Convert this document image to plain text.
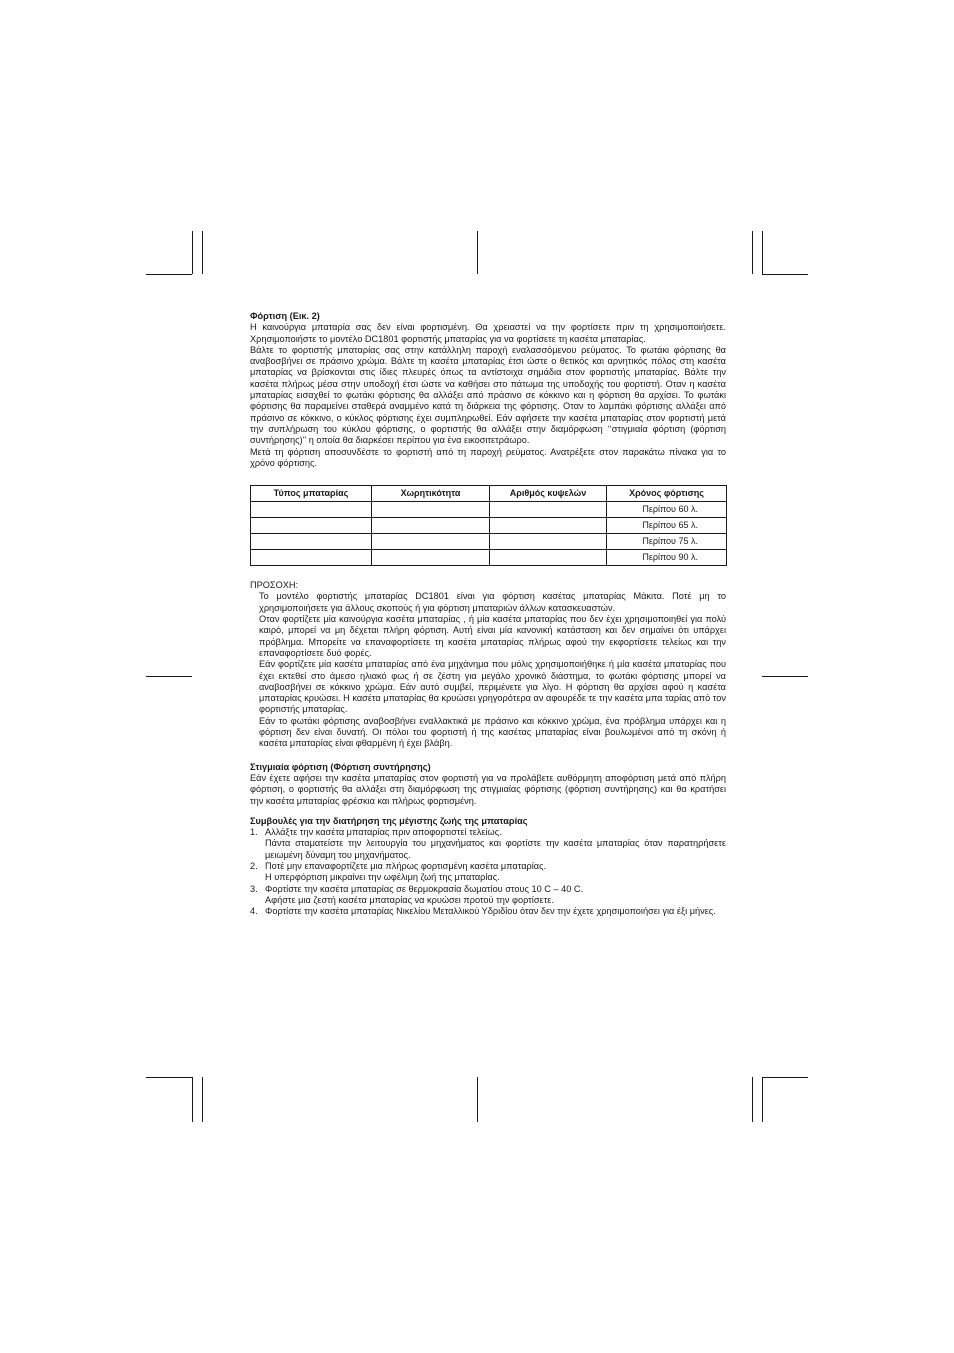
Φόρτιση (Εικ. 2)

Η καινούργια μπαταρία σας δεν είναι φορτισμένη. Θα χρειαστεί να την φορτίσετε πριν τη χρησιμοποιήσετε. Χρησιμοποιήστε το μοντέλο DC1801 φορτιστής μπαταρίας για να φορτίσετε τη κασέτα μπαταρίας.

Βάλτε το φορτιστής μπαταρίας σας στην κατάλληλη παροχή εναλασσόμενου ρεύματος. Το φωτάκι φόρτισης θα αναβοσβήνει σε πράσινο χρώμα. Βάλτε τη κασέτα μπαταρίας έτσι ώστε ο θετικός και αρνητικός πόλος στη κασέτα μπαταρίας να βρίσκονται στις ίδιες πλευρές όπως τα αντίστοιχα σημάδια στον φορτιστής μπαταρίας. Βάλτε την κασέτα πλήρως μέσα στην υποδοχή έτσι ώστε να καθήσει στο πάτωμα της υποδοχής του φορτιστή. Οταν η κασέτα μπαταρίας εισαχθεί το φωτάκι φόρτισης θα αλλάξει από πράσινο σε κόκκινο και η φόρτιση θα αρχίσει. Το φωτάκι φόρτισης θα παραμείνει σταθερά αναμμένο κατά τη διάρκεια της φόρτισης. Οταν το λαμπάκι φόρτισης αλλάξει από πράσινο σε κόκκινο, ο κύκλος φόρτισης έχει συμπληρωθεί. Εάν αφήσετε την κασέτα μπαταρίας στον φορτιστή μετά την συπλήρωση του κύκλου φόρτισης, ο φορτιστής θα αλλάξει στην διαμόρφωση ‘‘στιγμιαία φόρτιση (φόρτιση συντήρησης)’’ η οποία θα διαρκέσει περίπου για ένα εικοσιτετράωρο.

Μετά τη φόρτιση αποσυνδέστε το φορτιστή από τη παροχή ρεύματος. Ανατρέξετε στον παρακάτω πίνακα για το χρόνο φόρτισης.

Τύπος μπαταρίας	Χωρητικότητα	Αριθμός κυψελών	Χρόνος φόρτισης
			Περίπου 60 λ.
			Περίπου 65 λ.
			Περίπου 75 λ.
			Περίπου 90 λ.

ΠΡΟΣΟΧΗ:

Το μοντέλο φορτιστής μπαταρίας DC1801 είναι για φόρτιση κασέτας μπαταρίας Μάκιτα. Ποτέ μη το χρησιμοποιήσετε για άλλους σκοπούς ή για φόρτιση μπαταριών άλλων κατασκευαστών.

Οταν φορτίζετε μία καινούργια κασέτα μπαταρίας , ή μία κασέτα μπαταρίας που δεν έχει χρησιμοποιηθεί για πολύ καιρό, μπορεί να μη δέχεται πλήρη φόρτιση. Αυτή είναι μία κανονική κατάσταση και δεν σημαίνει ότι υπάρχει πρόβλημα. Μπορείτε να επαναφορτίσετε τη κασέτα μπαταρίας πλήρως αφού την εκφορτίσετε τελείως και την επαναφορτίσετε δυό φορές.

Εάν φορτίζετε μία κασέτα μπαταρίας από ένα μηχάνημα που μόλις χρησιμοποιήθηκε ή μία κασέτα μπαταρίας που έχει εκτεθεί στο άμεσο ηλιακό φως ή σε ζέστη για μεγάλο χρονικό διάστημα, το φωτάκι φόρτισης μπορεί να αναβοσβήνει σε κόκκινο χρώμα. Εάν αυτό συμβεί, περιμένετε για λίγο. Η φόρτιση θα αρχίσει αφού η κασέτα μπαταρίας κρυώσει. Η κασέτα μπαταρίας θα κρυώσει γρηγορότερα αν αφουρέδε τε την κασέτα μπα ταρίας από τον φορτιστής μπαταρίας.

Εάν το φωτάκι φόρτισης αναβοσβήνει εναλλακτικά με πράσινο και κόκκινο χρώμα, ένα πρόβλημα υπάρχει και η φόρτιση δεν είναι δυνατή. Οι πόλοι του φορτιστή ή της κασέτας μπαταρίας είναι βουλωμένοι από τη σκόνη ή κασέτα μπαταρίας είναι φθαρμένη ή έχει βλάβη.

Στιγμιαία φόρτιση (Φόρτιση συντήρησης)

Εάν έχετε αφήσει την κασέτα μπαταρίας στον φορτιστή για να προλάβετε αυθόρμητη αποφόρτιση μετά από πλήρη φόρτιση, ο φορτιστής θα αλλάξει στη διαμόρφωση της στιγμιαίας φόρτισης (φόρτιση συντήρησης) και θα κρατήσει την κασέτα μπαταρίας φρέσκια και πλήρως φορτισμένη.

Συμβουλές για την διατήρηση της μέγιστης ζωής της μπαταρίας

1. Αλλάξτε την κασέτα μπαταρίας πριν αποφορτιστεί τελείως.
Πάντα σταματείστε την λειτουργία του μηχανήματος και φορτίστε την κασέτα μπαταρίας όταν παρατηρήσετε μειωμένη δύναμη του μηχανήματος.
2. Ποτέ μην επαναφορτίζετε μια πλήρως φορτισμένη κασέτα μπαταρίας.
Η υπερφόρτιση μικραίνει την ωφέλιμη ζωή της μπαταρίας.
3. Φορτίστε την κασέτα μπαταρίας σε θερμοκρασία δωματίου στους 10 C – 40 C.
Αφήστε μια ζεστή κασέτα μπαταρίας να κρυώσει προτού την φορτίσετε.
4. Φορτίστε την κασέτα μπαταρίας Νικελίου Μεταλλικού Υδριδίου όταν δεν την έχετε χρησιμοποιήσει για έξι μήνες.
